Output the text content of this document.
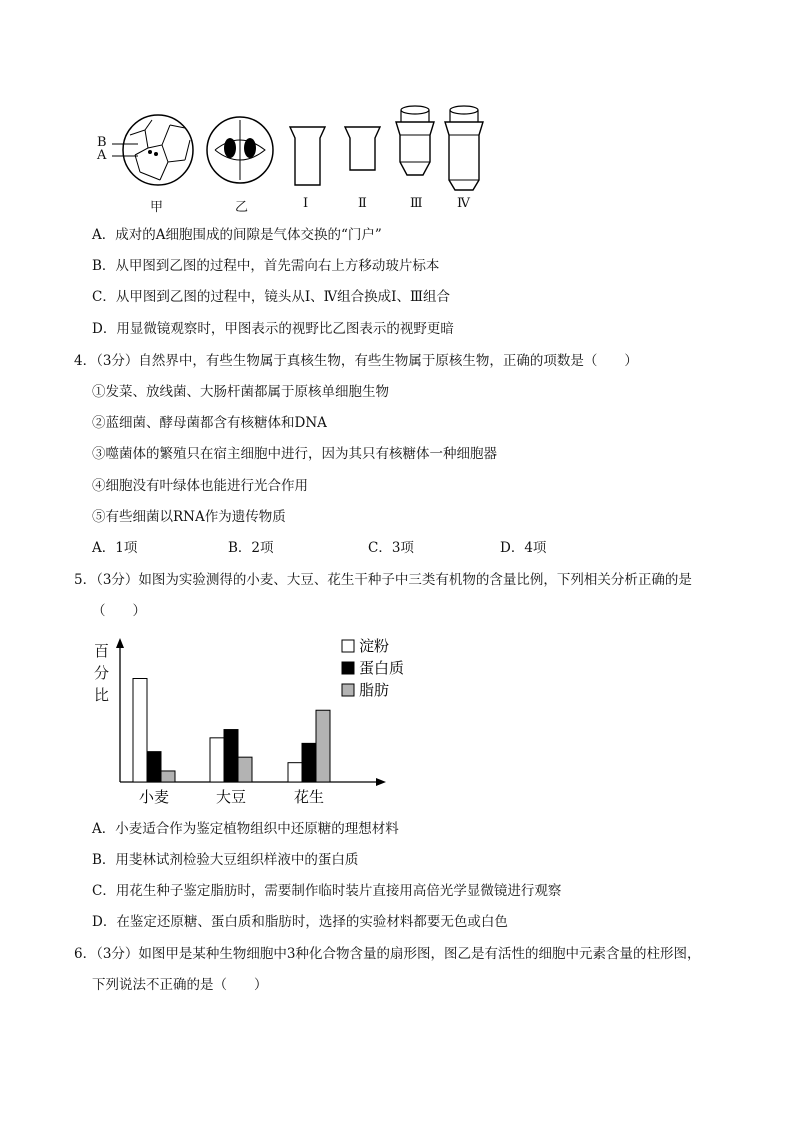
B
A
甲	乙	Ⅰ	Ⅱ	Ⅲ	Ⅳ
A．成对的A细胞围成的间隙是气体交换的“门户”
B．从甲图到乙图的过程中，首先需向右上方移动玻片标本
C．从甲图到乙图的过程中，镜头从Ⅰ、Ⅳ组合换成Ⅰ、Ⅲ组合
D．用显微镜观察时，甲图表示的视野比乙图表示的视野更暗
4．（3分）自然界中，有些生物属于真核生物，有些生物属于原核生物，正确的项数是（　　）
①发菜、放线菌、大肠杆菌都属于原核单细胞生物
②蓝细菌、酵母菌都含有核糖体和DNA
③噬菌体的繁殖只在宿主细胞中进行，因为其只有核糖体一种细胞器
④细胞没有叶绿体也能进行光合作用
⑤有些细菌以RNA作为遗传物质
A．1项	B．2项	C．3项	D．4项
5．（3分）如图为实验测得的小麦、大豆、花生干种子中三类有机物的含量比例，下列相关分析正确的是
（　　）
小麦	大豆	花生
淀粉
蛋白质
脂肪
百分比
A．小麦适合作为鉴定植物组织中还原糖的理想材料
B．用斐林试剂检验大豆组织样液中的蛋白质
C．用花生种子鉴定脂肪时，需要制作临时装片直接用高倍光学显微镜进行观察
D．在鉴定还原糖、蛋白质和脂肪时，选择的实验材料都要无色或白色
6．（3分）如图甲是某种生物细胞中3种化合物含量的扇形图，图乙是有活性的细胞中元素含量的柱形图，
下列说法不正确的是（　　）
